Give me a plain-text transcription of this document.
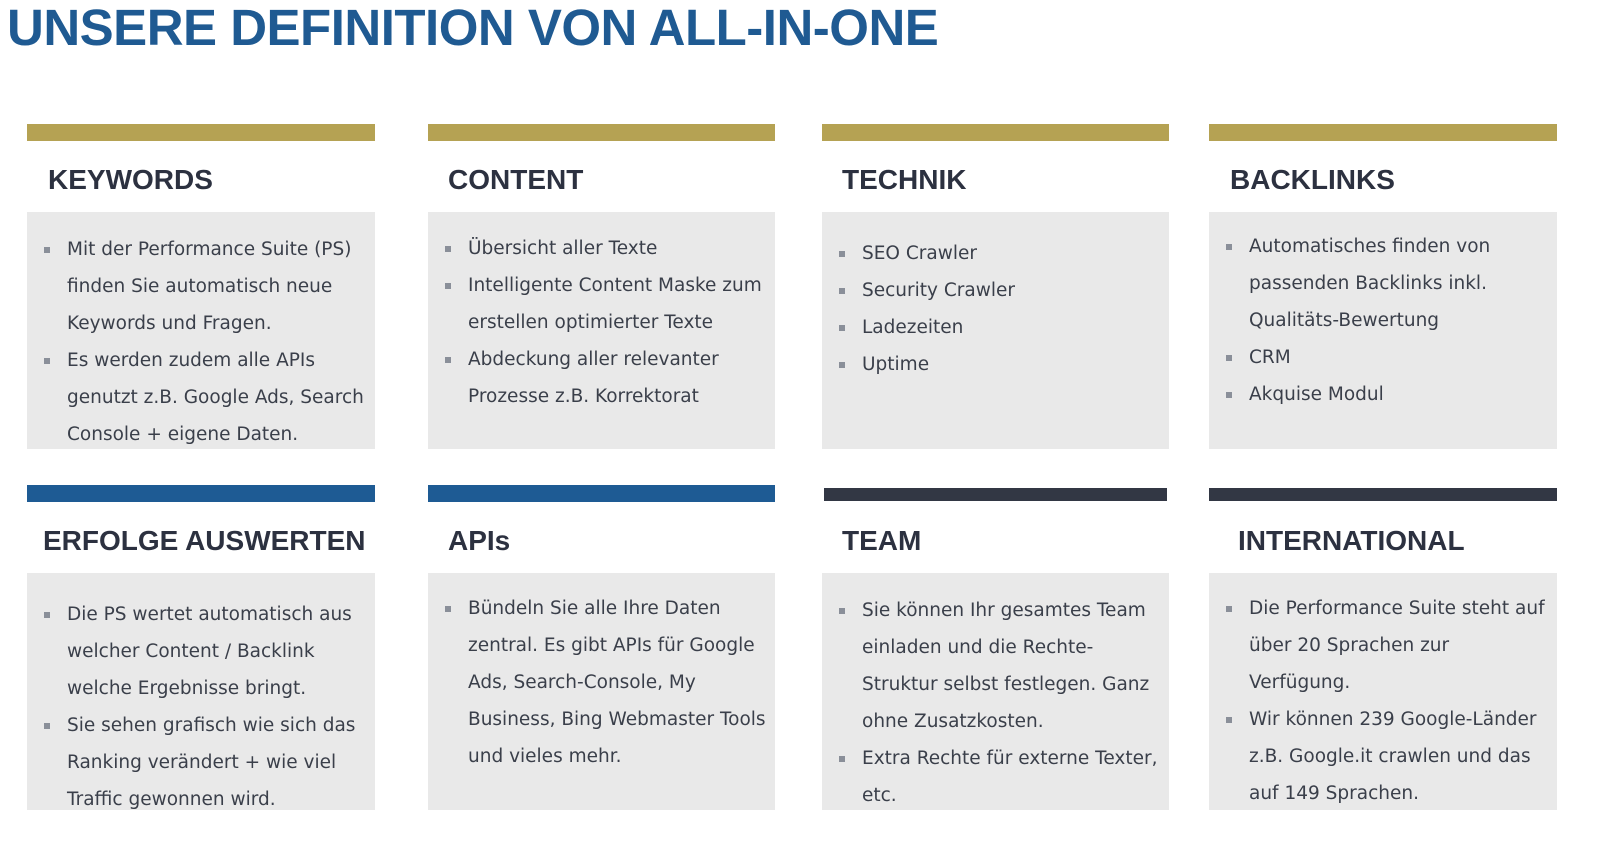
UNSERE DEFINITION VON ALL-IN-ONE
KEYWORDS
Mit der Performance Suite (PS) finden Sie automatisch neue Keywords und Fragen.
Es werden zudem alle APIs genutzt z.B. Google Ads, Search Console + eigene Daten.
CONTENT
Übersicht aller Texte
Intelligente Content Maske zum erstellen optimierter Texte
Abdeckung aller relevanter Prozesse z.B. Korrektorat
TECHNIK
SEO Crawler
Security Crawler
Ladezeiten
Uptime
BACKLINKS
Automatisches finden von passenden Backlinks inkl. Qualitäts-Bewertung
CRM
Akquise Modul
ERFOLGE AUSWERTEN
Die PS wertet automatisch aus welcher Content / Backlink welche Ergebnisse bringt.
Sie sehen grafisch wie sich das Ranking verändert + wie viel Traffic gewonnen wird.
APIs
Bündeln Sie alle Ihre Daten zentral. Es gibt APIs für Google Ads, Search-Console, My Business, Bing Webmaster Tools und vieles mehr.
TEAM
Sie können Ihr gesamtes Team einladen und die Rechte-Struktur selbst festlegen. Ganz ohne Zusatzkosten.
Extra Rechte für externe Texter, etc.
INTERNATIONAL
Die Performance Suite steht auf über 20 Sprachen zur Verfügung.
Wir können 239 Google-Länder z.B. Google.it crawlen und das auf 149 Sprachen.
